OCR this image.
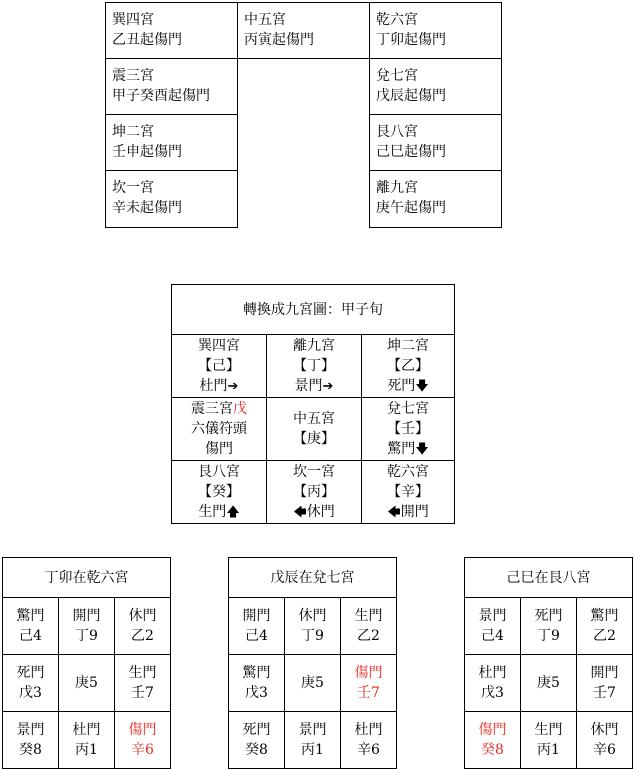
巽四宮
乙丑起傷門
中五宮
丙寅起傷門
乾六宮
丁卯起傷門
震三宮
甲子癸酉起傷門
兌七宮
戊辰起傷門
坤二宮
壬申起傷門
艮八宮
己巳起傷門
坎一宮
辛未起傷門
離九宮
庚午起傷門
轉換成九宮圖：甲子旬
巽四宮
【己】
杜門➔
離九宮
【丁】
景門➔
坤二宮
【乙】
死門🡇
震三宮戊
六儀符頭
傷門
中五宮
【庚】
兌七宮
【壬】
驚門🡇
艮八宮
【癸】
生門🡅
坎一宮
【丙】
🡄休門
乾六宮
【辛】
🡄開門
丁卯在乾六宮
驚門
己4
開門
丁9
休門
乙2
死門
戊3
庚5
生門
壬7
景門
癸8
杜門
丙1
傷門
辛6
戊辰在兌七宮
開門
己4
休門
丁9
生門
乙2
驚門
戊3
庚5
傷門
壬7
死門
癸8
景門
丙1
杜門
辛6
己巳在艮八宮
景門
己4
死門
丁9
驚門
乙2
杜門
戊3
庚5
開門
壬7
傷門
癸8
生門
丙1
休門
辛6
